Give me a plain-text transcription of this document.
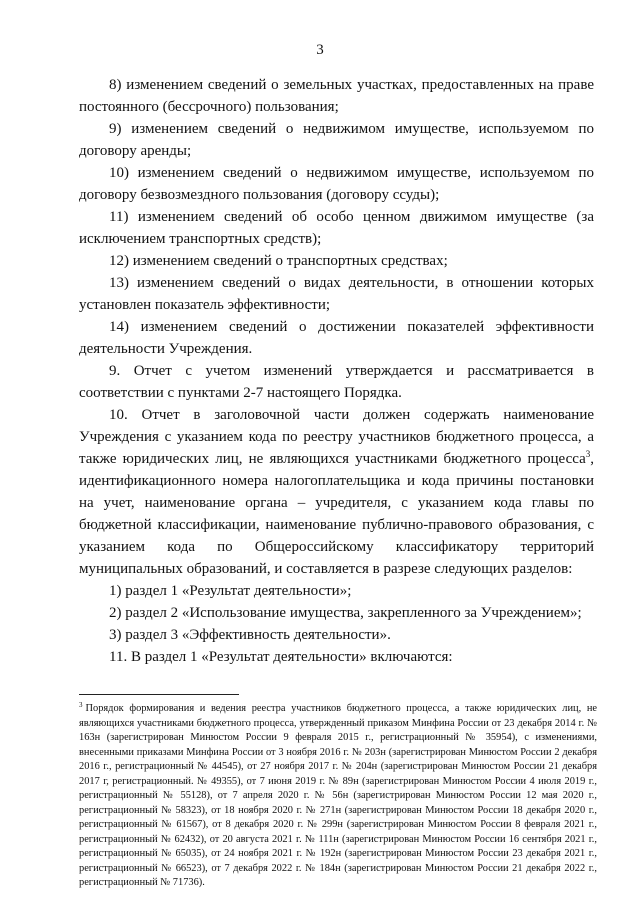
3

8) изменением сведений о земельных участках, предоставленных на праве постоянного (бессрочного) пользования;

9) изменением сведений о недвижимом имуществе, используемом по договору аренды;

10) изменением сведений о недвижимом имуществе, используемом по договору безвозмездного пользования (договору ссуды);

11) изменением сведений об особо ценном движимом имуществе (за исключением транспортных средств);

12) изменением сведений о транспортных средствах;

13) изменением сведений о видах деятельности, в отношении которых установлен показатель эффективности;

14) изменением сведений о достижении показателей эффективности деятельности Учреждения.

9. Отчет с учетом изменений утверждается и рассматривается в соответствии с пунктами 2-7 настоящего Порядка.

10. Отчет в заголовочной части должен содержать наименование Учреждения с указанием кода по реестру участников бюджетного процесса, а также юридических лиц, не являющихся участниками бюджетного процесса$^3$, идентификационного номера налогоплательщика и кода причины постановки на учет, наименование органа – учредителя, с указанием кода главы по бюджетной классификации, наименование публично-правового образования, с указанием кода по Общероссийскому классификатору территорий муниципальных образований, и составляется в разрезе следующих разделов:

1) раздел 1 «Результат деятельности»;

2) раздел 2 «Использование имущества, закрепленного за Учреждением»;

3) раздел 3 «Эффективность деятельности».

11. В раздел 1 «Результат деятельности» включаются:

$^3$ Порядок формирования и ведения реестра участников бюджетного процесса, а также юридических лиц, не являющихся участниками бюджетного процесса, утвержденный приказом Минфина России от 23 декабря 2014 г. № 163н (зарегистрирован Минюстом России 9 февраля 2015 г., регистрационный № 35954), с изменениями, внесенными приказами Минфина России от 3 ноября 2016 г. № 203н (зарегистрирован Минюстом России 2 декабря 2016 г., регистрационный № 44545), от 27 ноября 2017 г. № 204н (зарегистрирован Минюстом России 21 декабря 2017 г, регистрационный. № 49355), от 7 июня 2019 г. № 89н (зарегистрирован Минюстом России 4 июля 2019 г., регистрационный № 55128), от 7 апреля 2020 г. № 56н (зарегистрирован Минюстом России 12 мая 2020 г., регистрационный № 58323), от 18 ноября 2020 г. № 271н (зарегистрирован Минюстом России 18 декабря 2020 г., регистрационный № 61567), от 8 декабря 2020 г. № 299н (зарегистрирован Минюстом России 8 февраля 2021 г., регистрационный № 62432), от 20 августа 2021 г. № 111н (зарегистрирован Минюстом России 16 сентября 2021 г., регистрационный № 65035), от 24 ноября 2021 г. № 192н (зарегистрирован Минюстом России 23 декабря 2021 г., регистрационный № 66523), от 7 декабря 2022 г. № 184н (зарегистрирован Минюстом России 21 декабря 2022 г., регистрационный № 71736).
